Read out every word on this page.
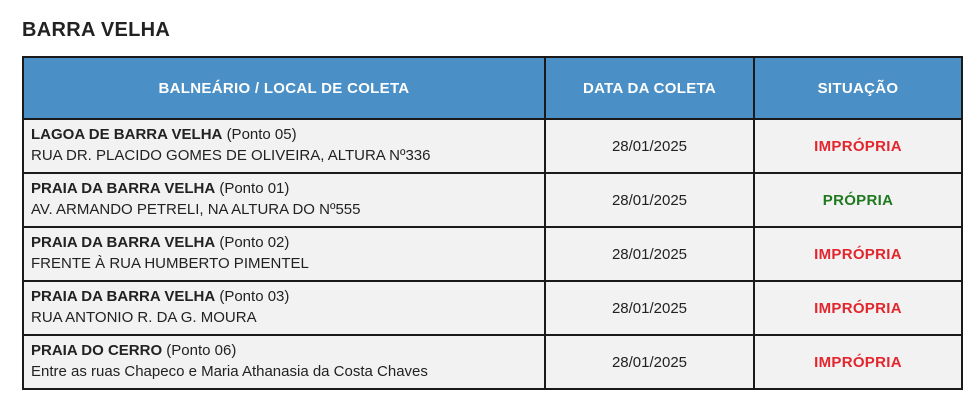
BARRA VELHA
BALNEÁRIO / LOCAL DE COLETA	DATA DA COLETA	SITUAÇÃO

LAGOA DE BARRA VELHA (Ponto 05)
RUA DR. PLACIDO GOMES DE OLIVEIRA, ALTURA Nº336	28/01/2025	IMPRÓPRIA

PRAIA DA BARRA VELHA (Ponto 01)
AV. ARMANDO PETRELI, NA ALTURA DO Nº555	28/01/2025	PRÓPRIA

PRAIA DA BARRA VELHA (Ponto 02)
FRENTE À RUA HUMBERTO PIMENTEL	28/01/2025	IMPRÓPRIA

PRAIA DA BARRA VELHA (Ponto 03)
RUA ANTONIO R. DA G. MOURA	28/01/2025	IMPRÓPRIA

PRAIA DO CERRO (Ponto 06)
Entre as ruas Chapeco e Maria Athanasia da Costa Chaves	28/01/2025	IMPRÓPRIA
